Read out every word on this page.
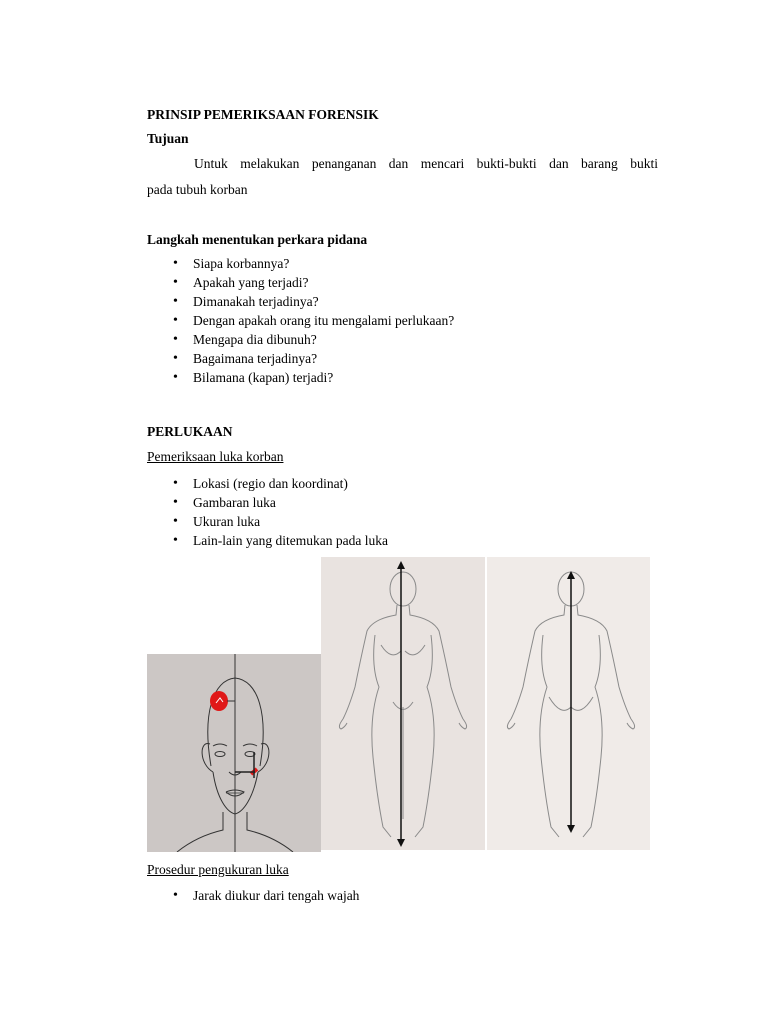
PRINSIP PEMERIKSAAN FORENSIK
Tujuan
Untuk melakukan penanganan dan mencari bukti-bukti dan barang bukti
pada tubuh korban
Langkah menentukan perkara pidana
• Siapa korbannya?
• Apakah yang terjadi?
• Dimanakah terjadinya?
• Dengan apakah orang itu mengalami perlukaan?
• Mengapa dia dibunuh?
• Bagaimana terjadinya?
• Bilamana (kapan) terjadi?
PERLUKAAN
Pemeriksaan luka korban
• Lokasi (regio dan koordinat)
• Gambaran luka
• Ukuran luka
• Lain-lain yang ditemukan pada luka
Prosedur pengukuran luka
• Jarak diukur dari tengah wajah
